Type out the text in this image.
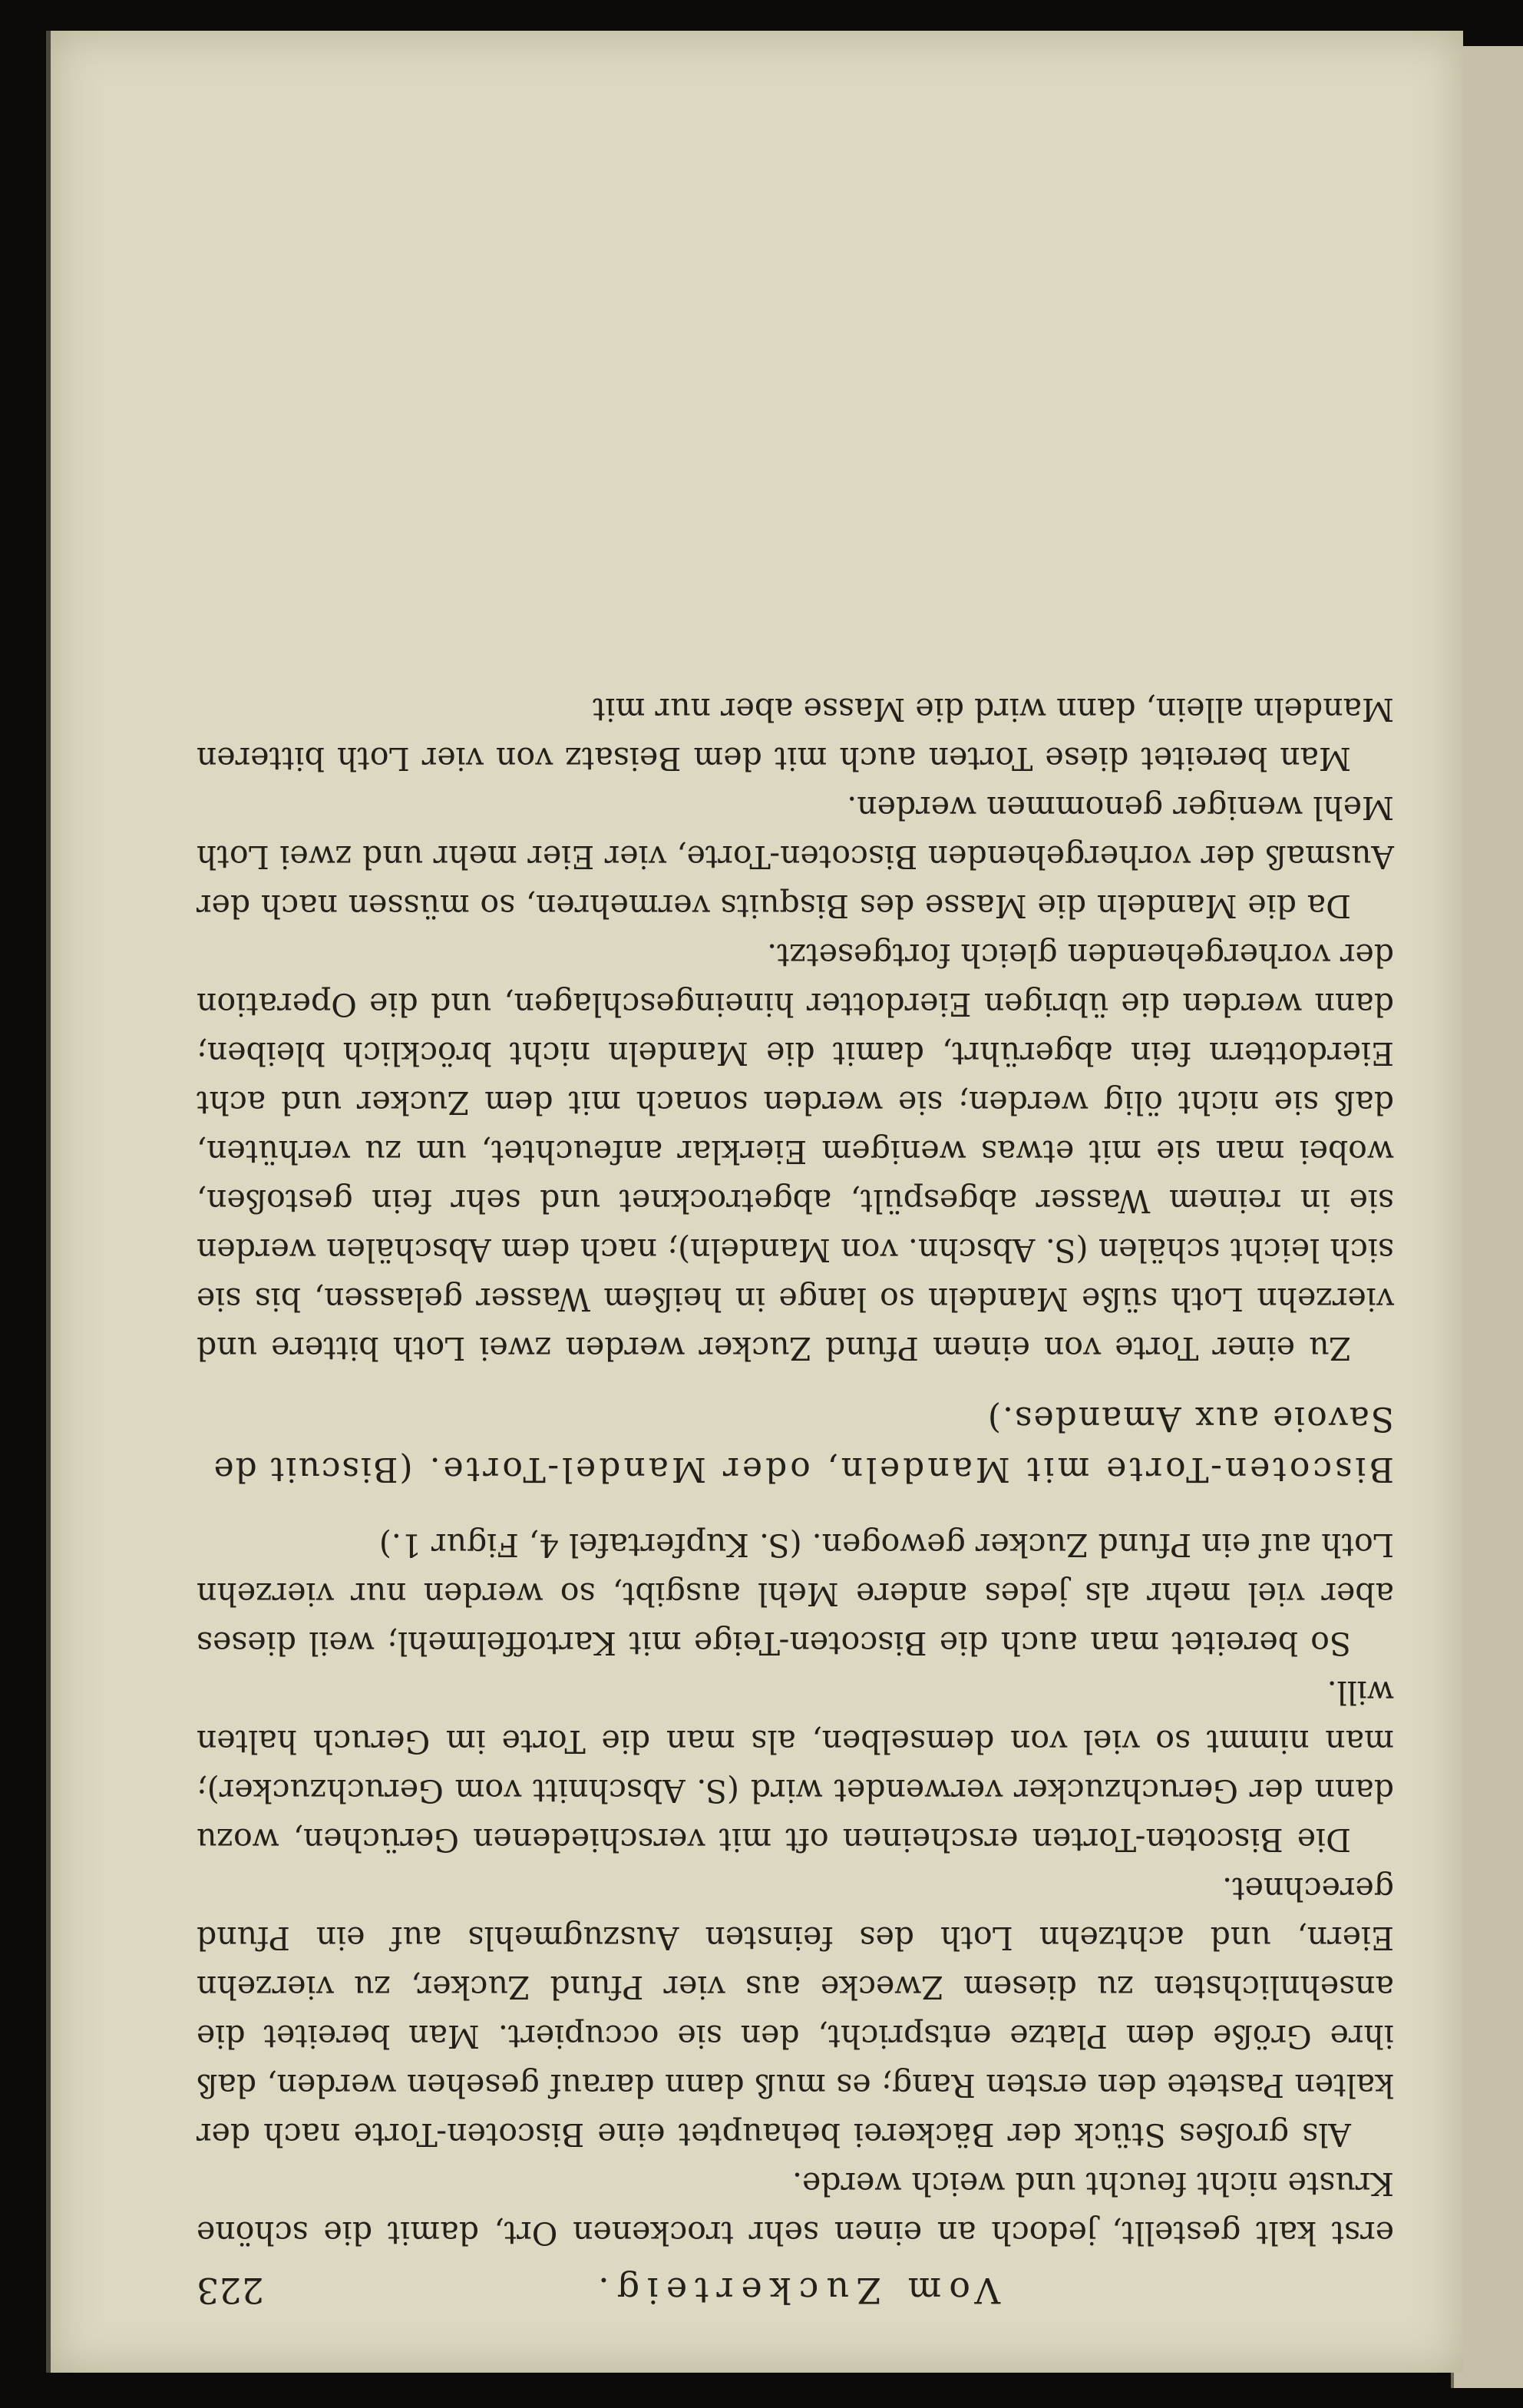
Vom Zuckerteig.
223

erst kalt gestellt, jedoch an einen sehr trockenen Ort, damit die schöne Kruste nicht feucht und weich werde.

Als großes Stück der Bäckerei behauptet eine Biscoten-Torte nach der kalten Pastete den ersten Rang; es muß dann darauf gesehen werden, daß ihre Größe dem Platze entspricht, den sie occupiert. Man bereitet die ansehnlichsten zu diesem Zwecke aus vier Pfund Zucker, zu vierzehn Eiern, und achtzehn Loth des feinsten Auszugmehls auf ein Pfund gerechnet.

Die Biscoten-Torten erscheinen oft mit verschiedenen Gerüchen, wozu dann der Geruchzucker verwendet wird (S. Abschnitt vom Geruchzucker); man nimmt so viel von demselben, als man die Torte im Geruch halten will.

So bereitet man auch die Biscoten-Teige mit Kartoffelmehl; weil dieses aber viel mehr als jedes andere Mehl ausgibt, so werden nur vierzehn Loth auf ein Pfund Zucker gewogen. (S. Kupfertafel 4, Figur 1.)

Biscoten-Torte mit Mandeln, oder Mandel-Torte. (Biscuit de Savoie aux Amandes.)

Zu einer Torte von einem Pfund Zucker werden zwei Loth bittere und vierzehn Loth süße Mandeln so lange in heißem Wasser gelassen, bis sie sich leicht schälen (S. Abschn. von Mandeln); nach dem Abschälen werden sie in reinem Wasser abgespült, abgetrocknet und sehr fein gestoßen, wobei man sie mit etwas wenigem Eierklar anfeuchtet, um zu verhüten, daß sie nicht ölig werden; sie werden sonach mit dem Zucker und acht Eierdottern fein abgerührt, damit die Mandeln nicht bröcklich bleiben; dann werden die übrigen Eierdotter hineingeschlagen, und die Operation der vorhergehenden gleich fortgesetzt.

Da die Mandeln die Masse des Bisquits vermehren, so müssen nach der Ausmaß der vorhergehenden Biscoten-Torte, vier Eier mehr und zwei Loth Mehl weniger genommen werden.

Man bereitet diese Torten auch mit dem Beisatz von vier Loth bitteren Mandeln allein, dann wird die Masse aber nur mit
